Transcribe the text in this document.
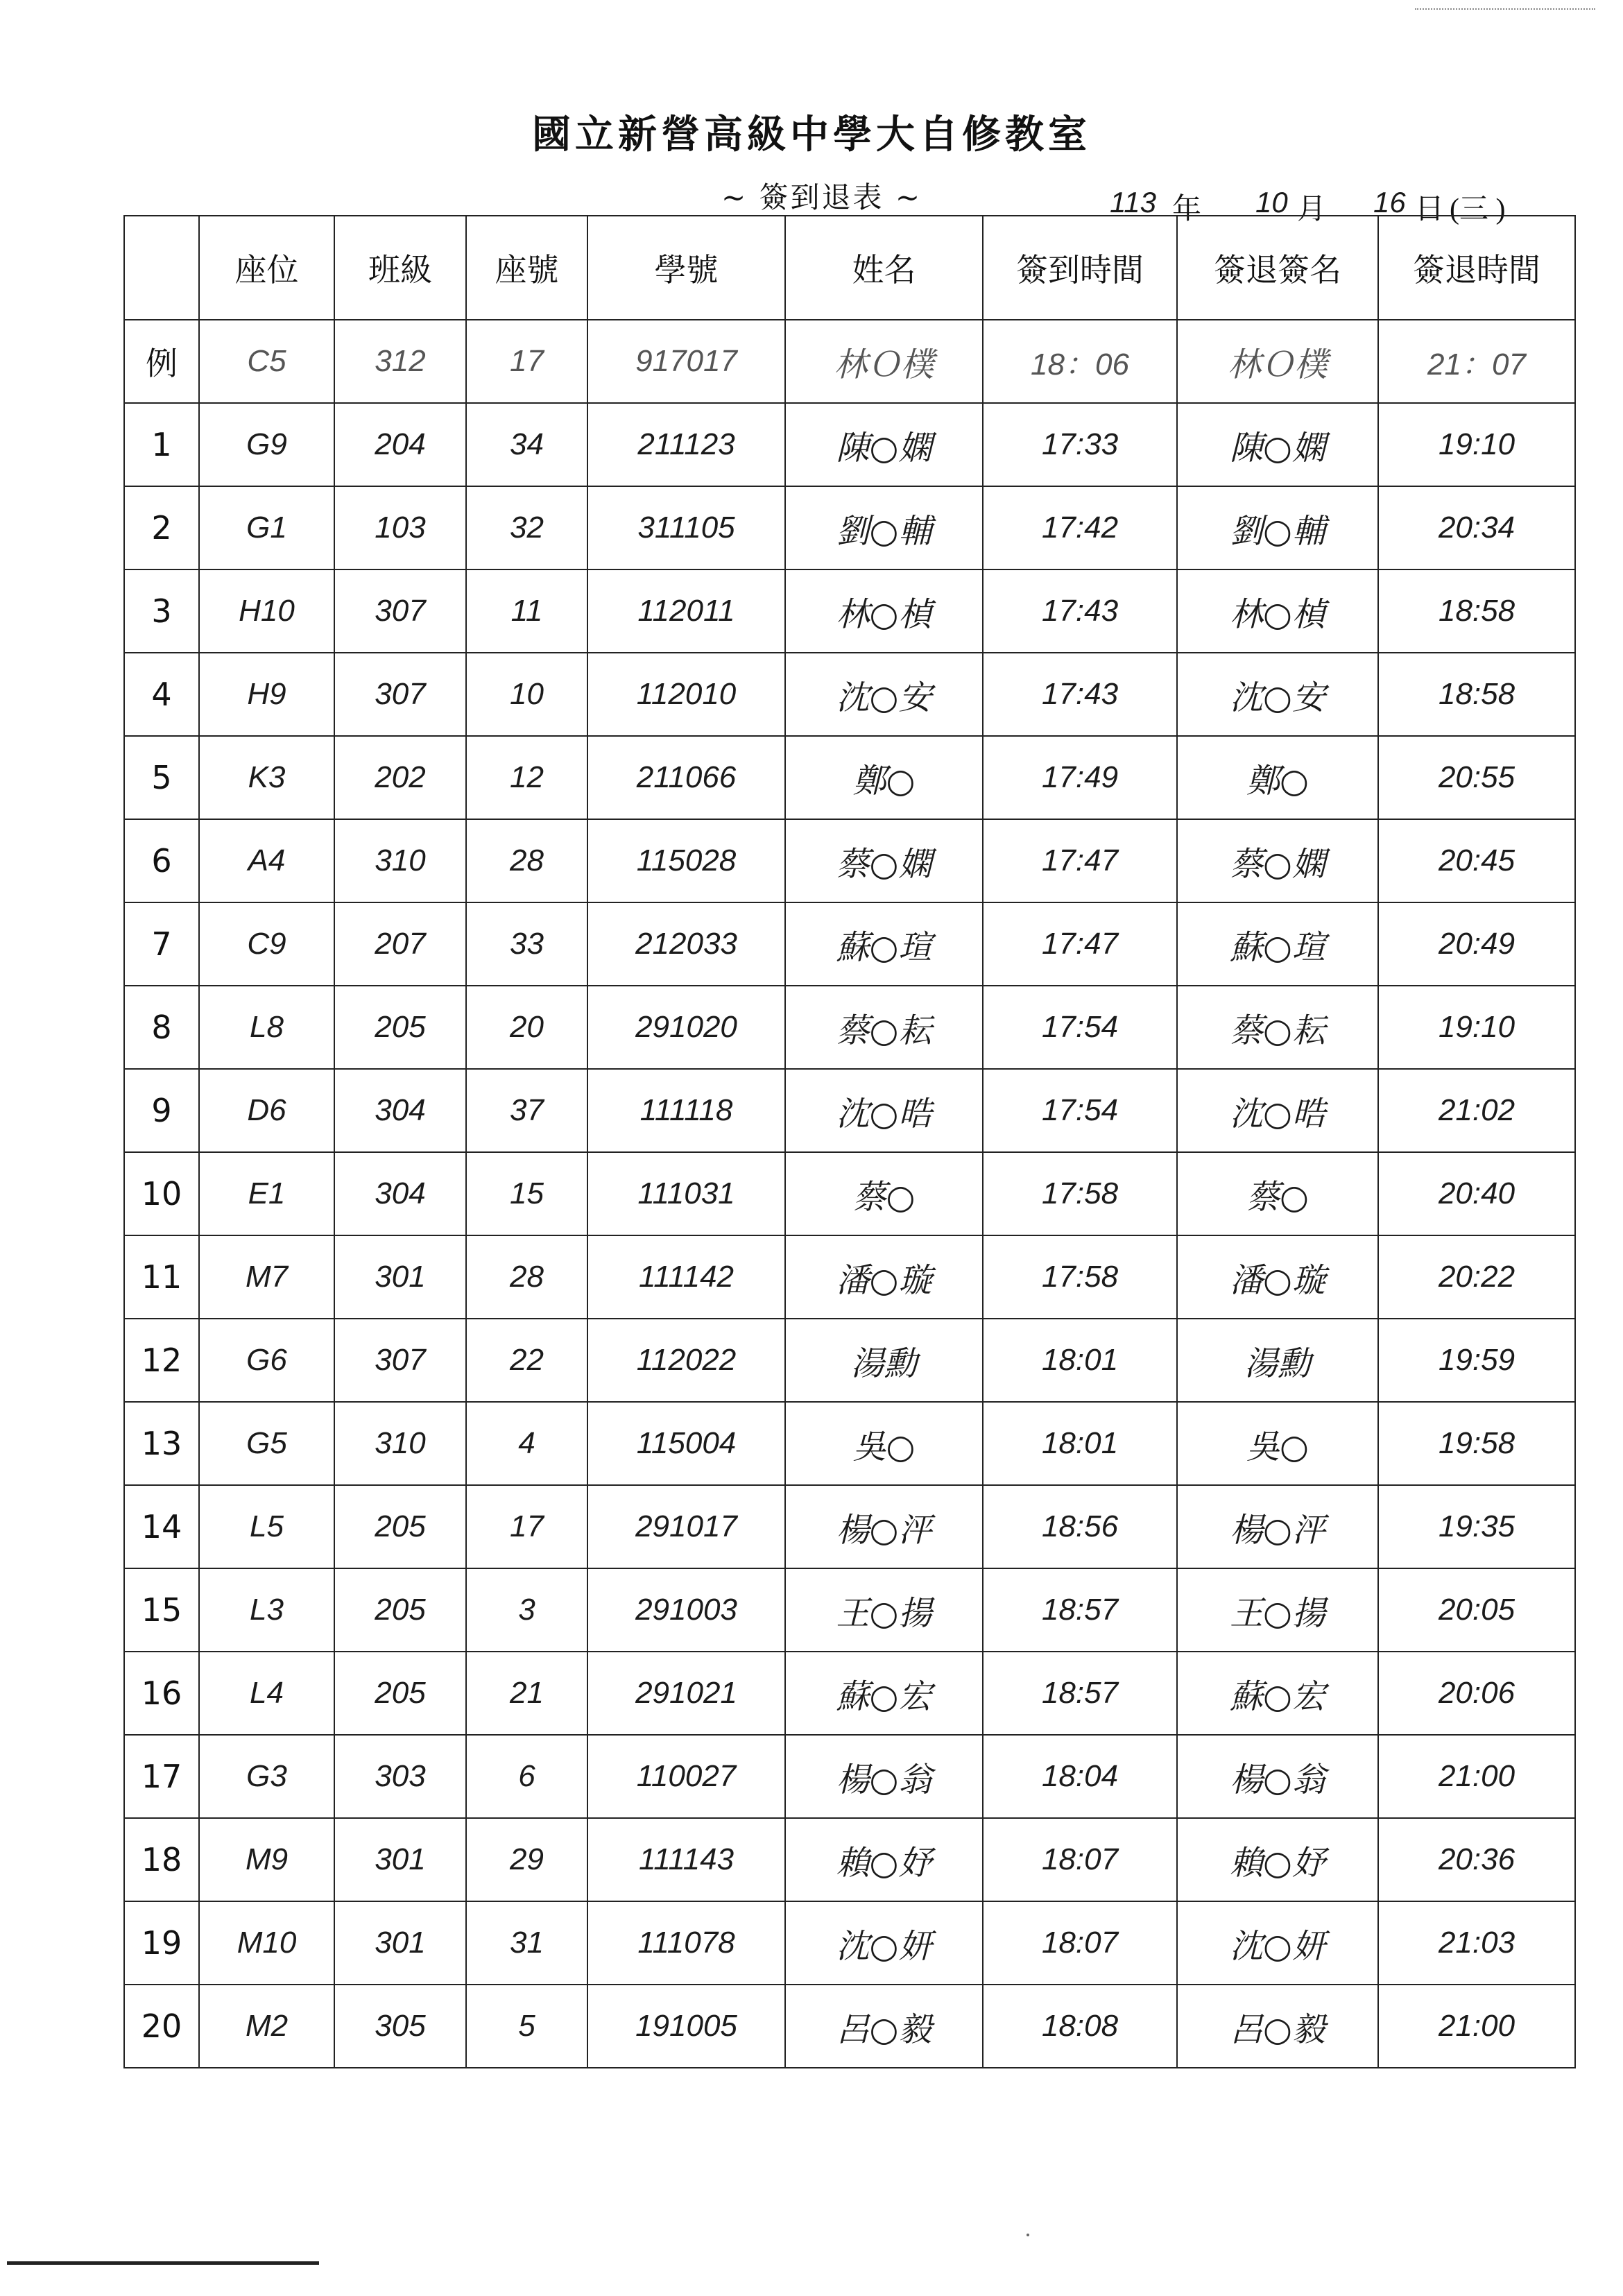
國立新營高級中學大自修教室
~ 簽到退表 ~	113 年	10 月	16 日 (三 )
	座位	班級	座號	學號	姓名	簽到時間	簽退簽名	簽退時間
例	C5	312	17	917017	林Ｏ樸	18：06	林Ｏ樸	21：07
1	G9	204	34	211123	陳○嫻	17:33	陳○嫻	19:10
2	G1	103	32	311105	劉○輔	17:42	劉○輔	20:34
3	H10	307	11	112011	林○楨	17:43	林○楨	18:58
4	H9	307	10	112010	沈○安	17:43	沈○安	18:58
5	K3	202	12	211066	鄭○	17:49	鄭○	20:55
6	A4	310	28	115028	蔡○嫻	17:47	蔡○嫻	20:45
7	C9	207	33	212033	蘇○瑄	17:47	蘇○瑄	20:49
8	L8	205	20	291020	蔡○耘	17:54	蔡○耘	19:10
9	D6	304	37	111118	沈○晧	17:54	沈○晧	21:02
10	E1	304	15	111031	蔡○	17:58	蔡○	20:40
11	M7	301	28	111142	潘○璇	17:58	潘○璇	20:22
12	G6	307	22	112022	湯勳	18:01	湯勳	19:59
13	G5	310	4	115004	吳○	18:01	吳○	19:58
14	L5	205	17	291017	楊○泙	18:56	楊○泙	19:35
15	L3	205	3	291003	王○揚	18:57	王○揚	20:05
16	L4	205	21	291021	蘇○宏	18:57	蘇○宏	20:06
17	G3	303	6	110027	楊○翁	18:04	楊○翁	21:00
18	M9	301	29	111143	賴○妤	18:07	賴○妤	20:36
19	M10	301	31	111078	沈○妍	18:07	沈○妍	21:03
20	M2	305	5	191005	呂○毅	18:08	呂○毅	21:00
